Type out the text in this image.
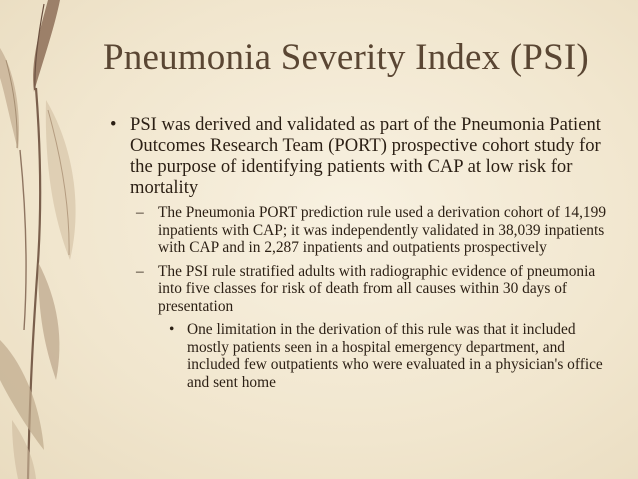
Pneumonia Severity Index (PSI)
• PSI was derived and validated as part of the Pneumonia Patient Outcomes Research Team (PORT) prospective cohort study for the purpose of identifying patients with CAP at low risk for mortality
– The Pneumonia PORT prediction rule used a derivation cohort of 14,199 inpatients with CAP; it was independently validated in 38,039 inpatients with CAP and in 2,287 inpatients and outpatients prospectively
– The PSI rule stratified adults with radiographic evidence of pneumonia into five classes for risk of death from all causes within 30 days of presentation
• One limitation in the derivation of this rule was that it included mostly patients seen in a hospital emergency department, and included few outpatients who were evaluated in a physician's office and sent home
